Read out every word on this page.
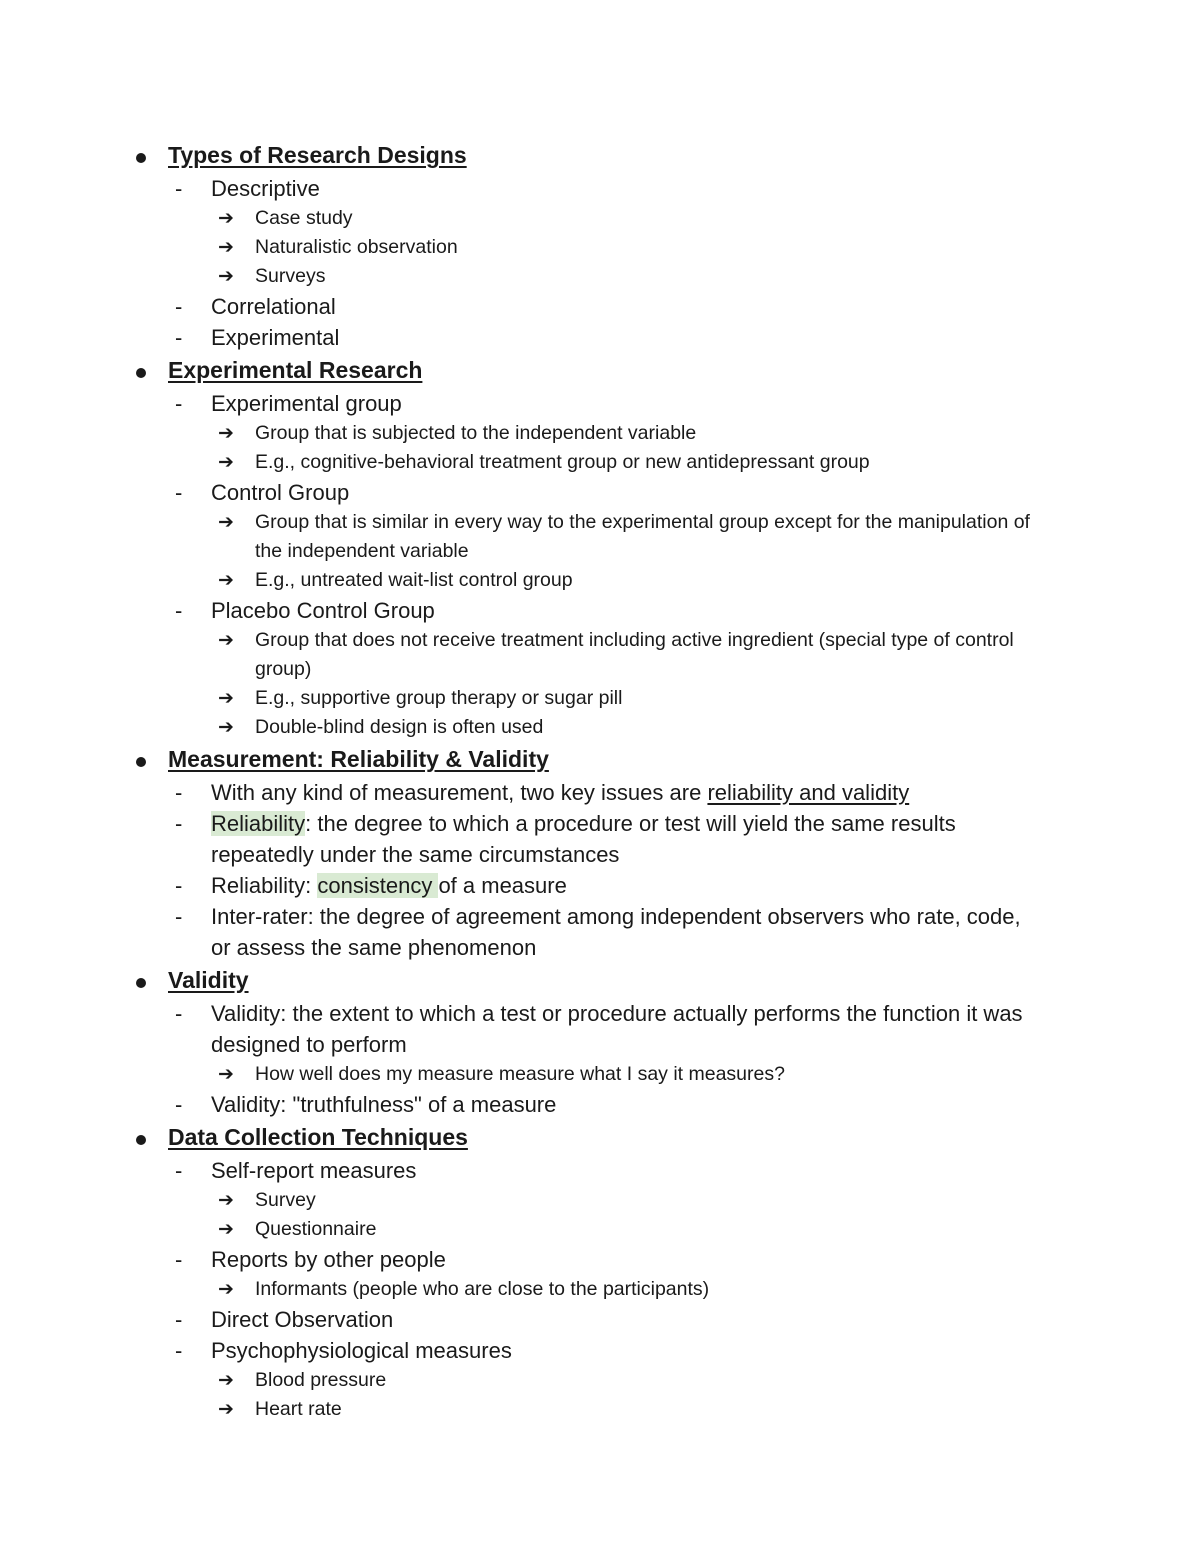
Types of Research Designs
- Descriptive
➔ Case study
➔ Naturalistic observation
➔ Surveys
- Correlational
- Experimental
Experimental Research
- Experimental group
➔ Group that is subjected to the independent variable
➔ E.g., cognitive-behavioral treatment group or new antidepressant group
- Control Group
➔ Group that is similar in every way to the experimental group except for the manipulation of the independent variable
➔ E.g., untreated wait-list control group
- Placebo Control Group
➔ Group that does not receive treatment including active ingredient (special type of control group)
➔ E.g., supportive group therapy or sugar pill
➔ Double-blind design is often used
Measurement: Reliability & Validity
- With any kind of measurement, two key issues are reliability and validity
- Reliability: the degree to which a procedure or test will yield the same results repeatedly under the same circumstances
- Reliability: consistency of a measure
- Inter-rater: the degree of agreement among independent observers who rate, code, or assess the same phenomenon
Validity
- Validity: the extent to which a test or procedure actually performs the function it was designed to perform
➔ How well does my measure measure what I say it measures?
- Validity: "truthfulness" of a measure
Data Collection Techniques
- Self-report measures
➔ Survey
➔ Questionnaire
- Reports by other people
➔ Informants (people who are close to the participants)
- Direct Observation
- Psychophysiological measures
➔ Blood pressure
➔ Heart rate
